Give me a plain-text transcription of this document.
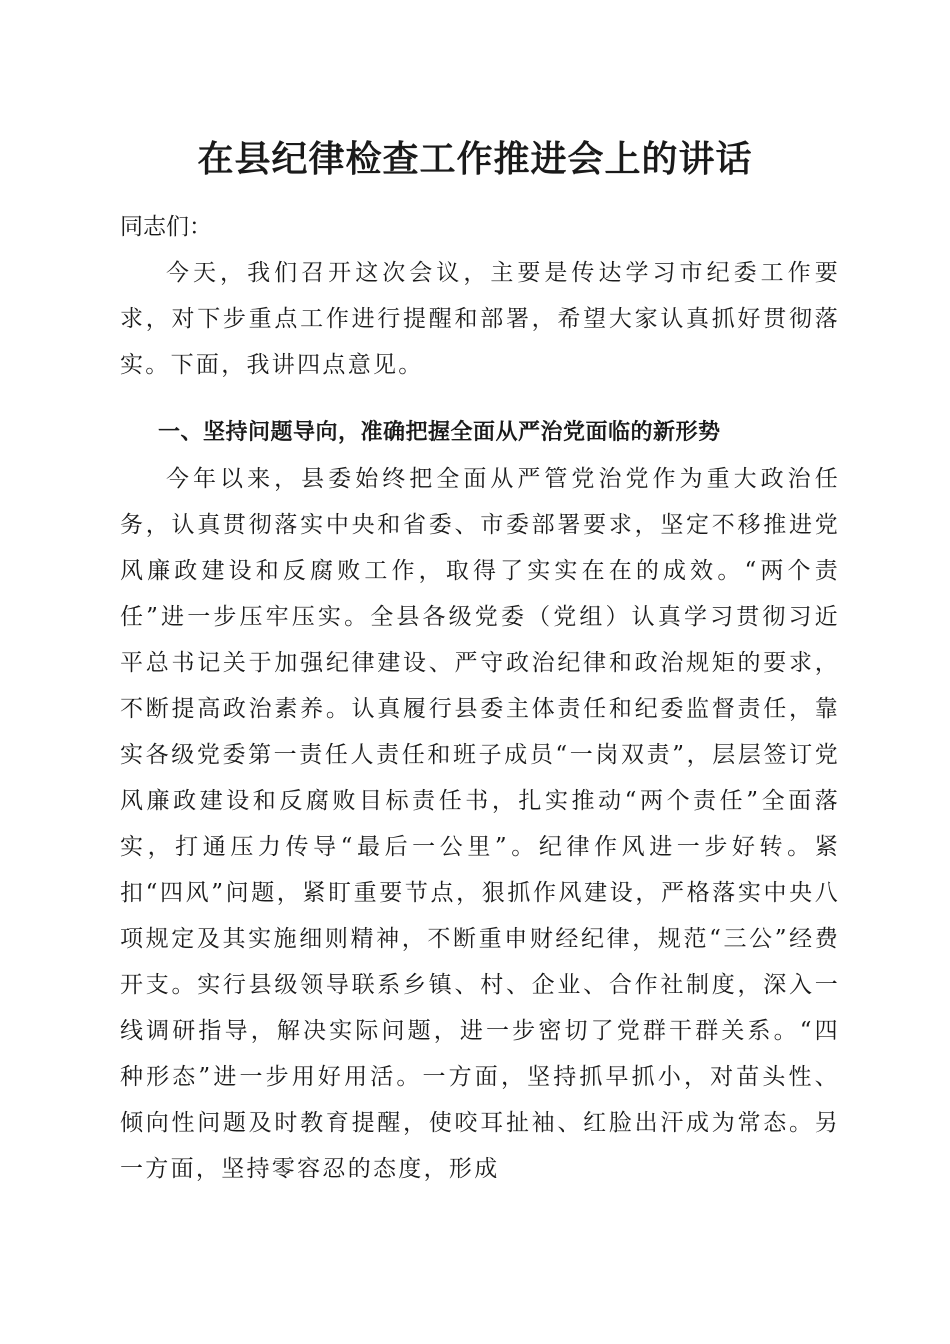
在县纪律检查工作推进会上的讲话

同志们：

今天，我们召开这次会议，主要是传达学习市纪委工作要求，对下步重点工作进行提醒和部署，希望大家认真抓好贯彻落实。下面，我讲四点意见。

一、坚持问题导向，准确把握全面从严治党面临的新形势

今年以来，县委始终把全面从严管党治党作为重大政治任务，认真贯彻落实中央和省委、市委部署要求，坚定不移推进党风廉政建设和反腐败工作，取得了实实在在的成效。“两个责任”进一步压牢压实。全县各级党委（党组）认真学习贯彻习近平总书记关于加强纪律建设、严守政治纪律和政治规矩的要求，不断提高政治素养。认真履行县委主体责任和纪委监督责任，靠实各级党委第一责任人责任和班子成员“一岗双责”，层层签订党风廉政建设和反腐败目标责任书，扎实推动“两个责任”全面落实，打通压力传导“最后一公里”。纪律作风进一步好转。紧扣“四风”问题，紧盯重要节点，狠抓作风建设，严格落实中央八项规定及其实施细则精神，不断重申财经纪律，规范“三公”经费开支。实行县级领导联系乡镇、村、企业、合作社制度，深入一线调研指导，解决实际问题，进一步密切了党群干群关系。“四种形态”进一步用好用活。一方面，坚持抓早抓小，对苗头性、倾向性问题及时教育提醒，使咬耳扯袖、红脸出汗成为常态。另一方面，坚持零容忍的态度，形成
